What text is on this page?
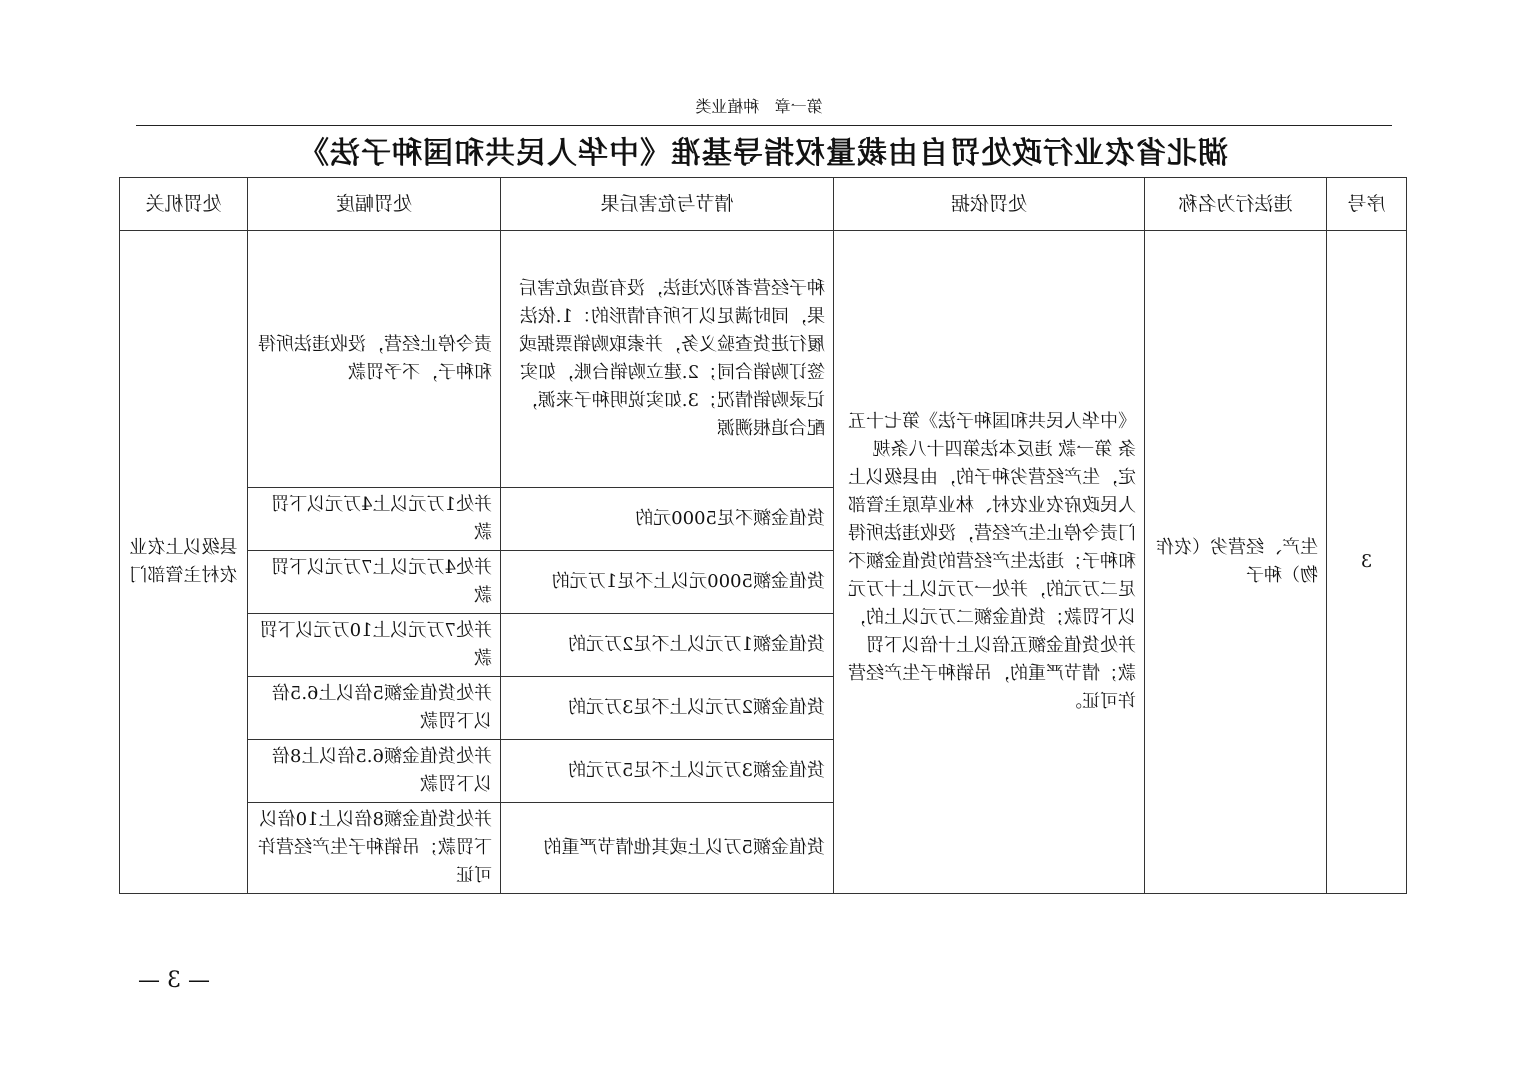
第一章   种植业类
湖北省农业行政处罚自由裁量权指导基准《中华人民共和国种子法》
序号	违法行为名称	处罚依据	情节与危害后果	处罚幅度	处罚机关
3	生产、经营劣（农作物）种子	《中华人民共和国种子法》第七十五条 第一款 违反本法第四十八条规定，生产经营劣种子的，由县级以上人民政府农业农村、林业草原主管部门责令停止生产经营，没收违法所得和种子；违法生产经营的货值金额不足二万元的，并处一万元以上十万元以下罚款；货值金额二万元以上的，并处货值金额五倍以上十倍以下罚款；情节严重的，吊销种子生产经营许可证。	种子经营者初次违法，没有造成危害后果，同时满足以下所有情形的：1.依法履行进货查验义务，并索取购销票据或签订购销合同；2.建立购销台账，如实记录购销情况；3.如实说明种子来源，配合追根溯源	责令停止经营，没收违法所得和种子，不予罚款	县级以上农业农村主管部门
			货值金额不足5000元的	并处1万元以上4万元以下罚款	
			货值金额5000元以上不足1万元的	并处4万元以上7万元以下罚款	
			货值金额1万元以上不足2万元的	并处7万元以上10万元以下罚款	
			货值金额2万元以上不足3万元的	并处货值金额5倍以上6.5倍以下罚款	
			货值金额3万元以上不足5万元的	并处货值金额6.5倍以上8倍以下罚款	
			货值金额5万以上或其他情节严重的	并处货值金额8倍以上10倍以下罚款；吊销种子生产经营许可证	
— 3 —
